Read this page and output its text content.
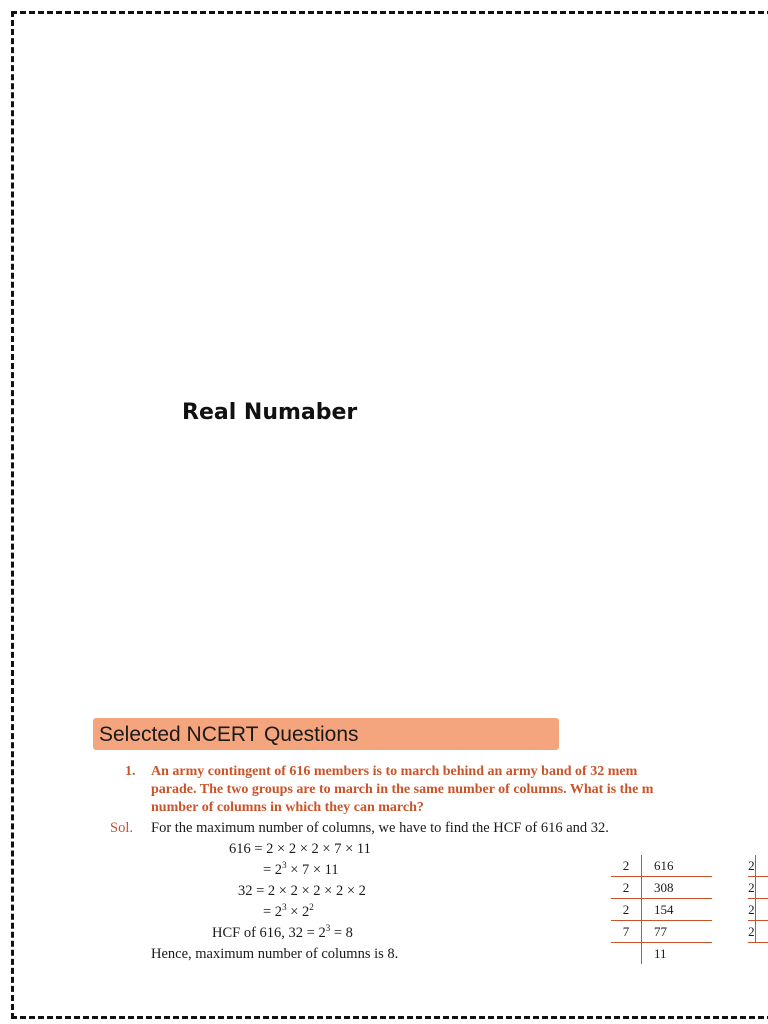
Real Numaber
Selected NCERT Questions
1. An army contingent of 616 members is to march behind an army band of 32 mem
parade. The two groups are to march in the same number of columns. What is the m
number of columns in which they can march?
Sol. For the maximum number of columns, we have to find the HCF of 616 and 32.
616 = 2 × 2 × 2 × 7 × 11
= $2^3 \times 7 \times 11$
32 = 2 × 2 × 2 × 2 × 2
= $2^3 \times 2^2$
HCF of 616, $32 = 2^3 = 8$
Hence, maximum number of columns is 8.
2	616
2	308
2	154
7	77
	11
2	
2	
2	
2	
